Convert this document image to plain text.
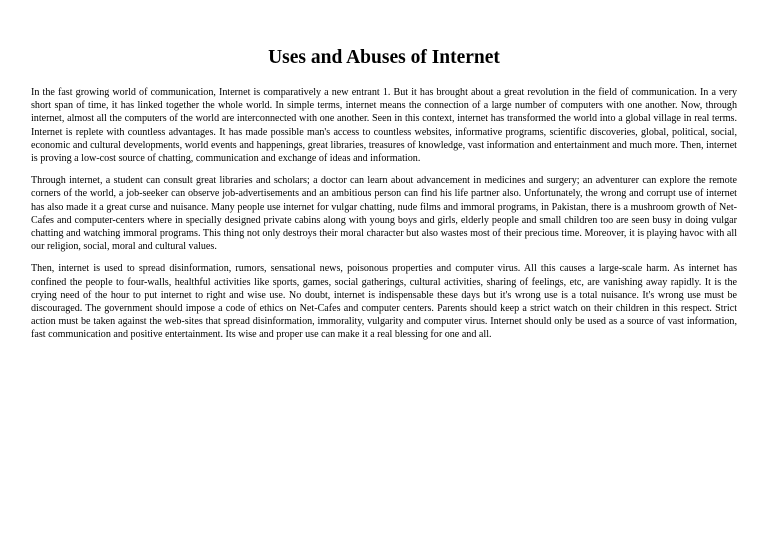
Uses and Abuses of Internet

In the fast growing world of communication, Internet is comparatively a new entrant 1. But it has brought about a great revolution in the field of communication. In a very short span of time, it has linked together the whole world. In simple terms, internet means the connection of a large number of computers with one another. Now, through internet, almost all the computers of the world are interconnected with one another. Seen in this context, internet has transformed the world into a global village in real terms. Internet is replete with countless advantages. It has made possible man's access to countless websites, informative programs, scientific discoveries, global, political, social, economic and cultural developments, world events and happenings, great libraries, treasures of knowledge, vast information and entertainment and much more. Then, internet is proving a low-cost source of chatting, communication and exchange of ideas and information.

Through internet, a student can consult great libraries and scholars; a doctor can learn about advancement in medicines and surgery; an adventurer can explore the remote corners of the world, a job-seeker can observe job-advertisements and an ambitious person can find his life partner also. Unfortunately, the wrong and corrupt use of internet has also made it a great curse and nuisance. Many people use internet for vulgar chatting, nude films and immoral programs, in Pakistan, there is a mushroom growth of Net-Cafes and computer-centers where in specially designed private cabins along with young boys and girls, elderly people and small children too are seen busy in doing vulgar chatting and watching immoral programs. This thing not only destroys their moral character but also wastes most of their precious time. Moreover, it is playing havoc with all our religion, social, moral and cultural values.

Then, internet is used to spread disinformation, rumors, sensational news, poisonous properties and computer virus. All this causes a large-scale harm. As internet has confined the people to four-walls, healthful activities like sports, games, social gatherings, cultural activities, sharing of feelings, etc, are vanishing away rapidly. It is the crying need of the hour to put internet to right and wise use. No doubt, internet is indispensable these days but it's wrong use is a total nuisance. It's wrong use must be discouraged. The government should impose a code of ethics on Net-Cafes and computer centers. Parents should keep a strict watch on their children in this respect. Strict action must be taken against the web-sites that spread disinformation, immorality, vulgarity and computer virus. Internet should only be used as a source of vast information, fast communication and positive entertainment. Its wise and proper use can make it a real blessing for one and all.
